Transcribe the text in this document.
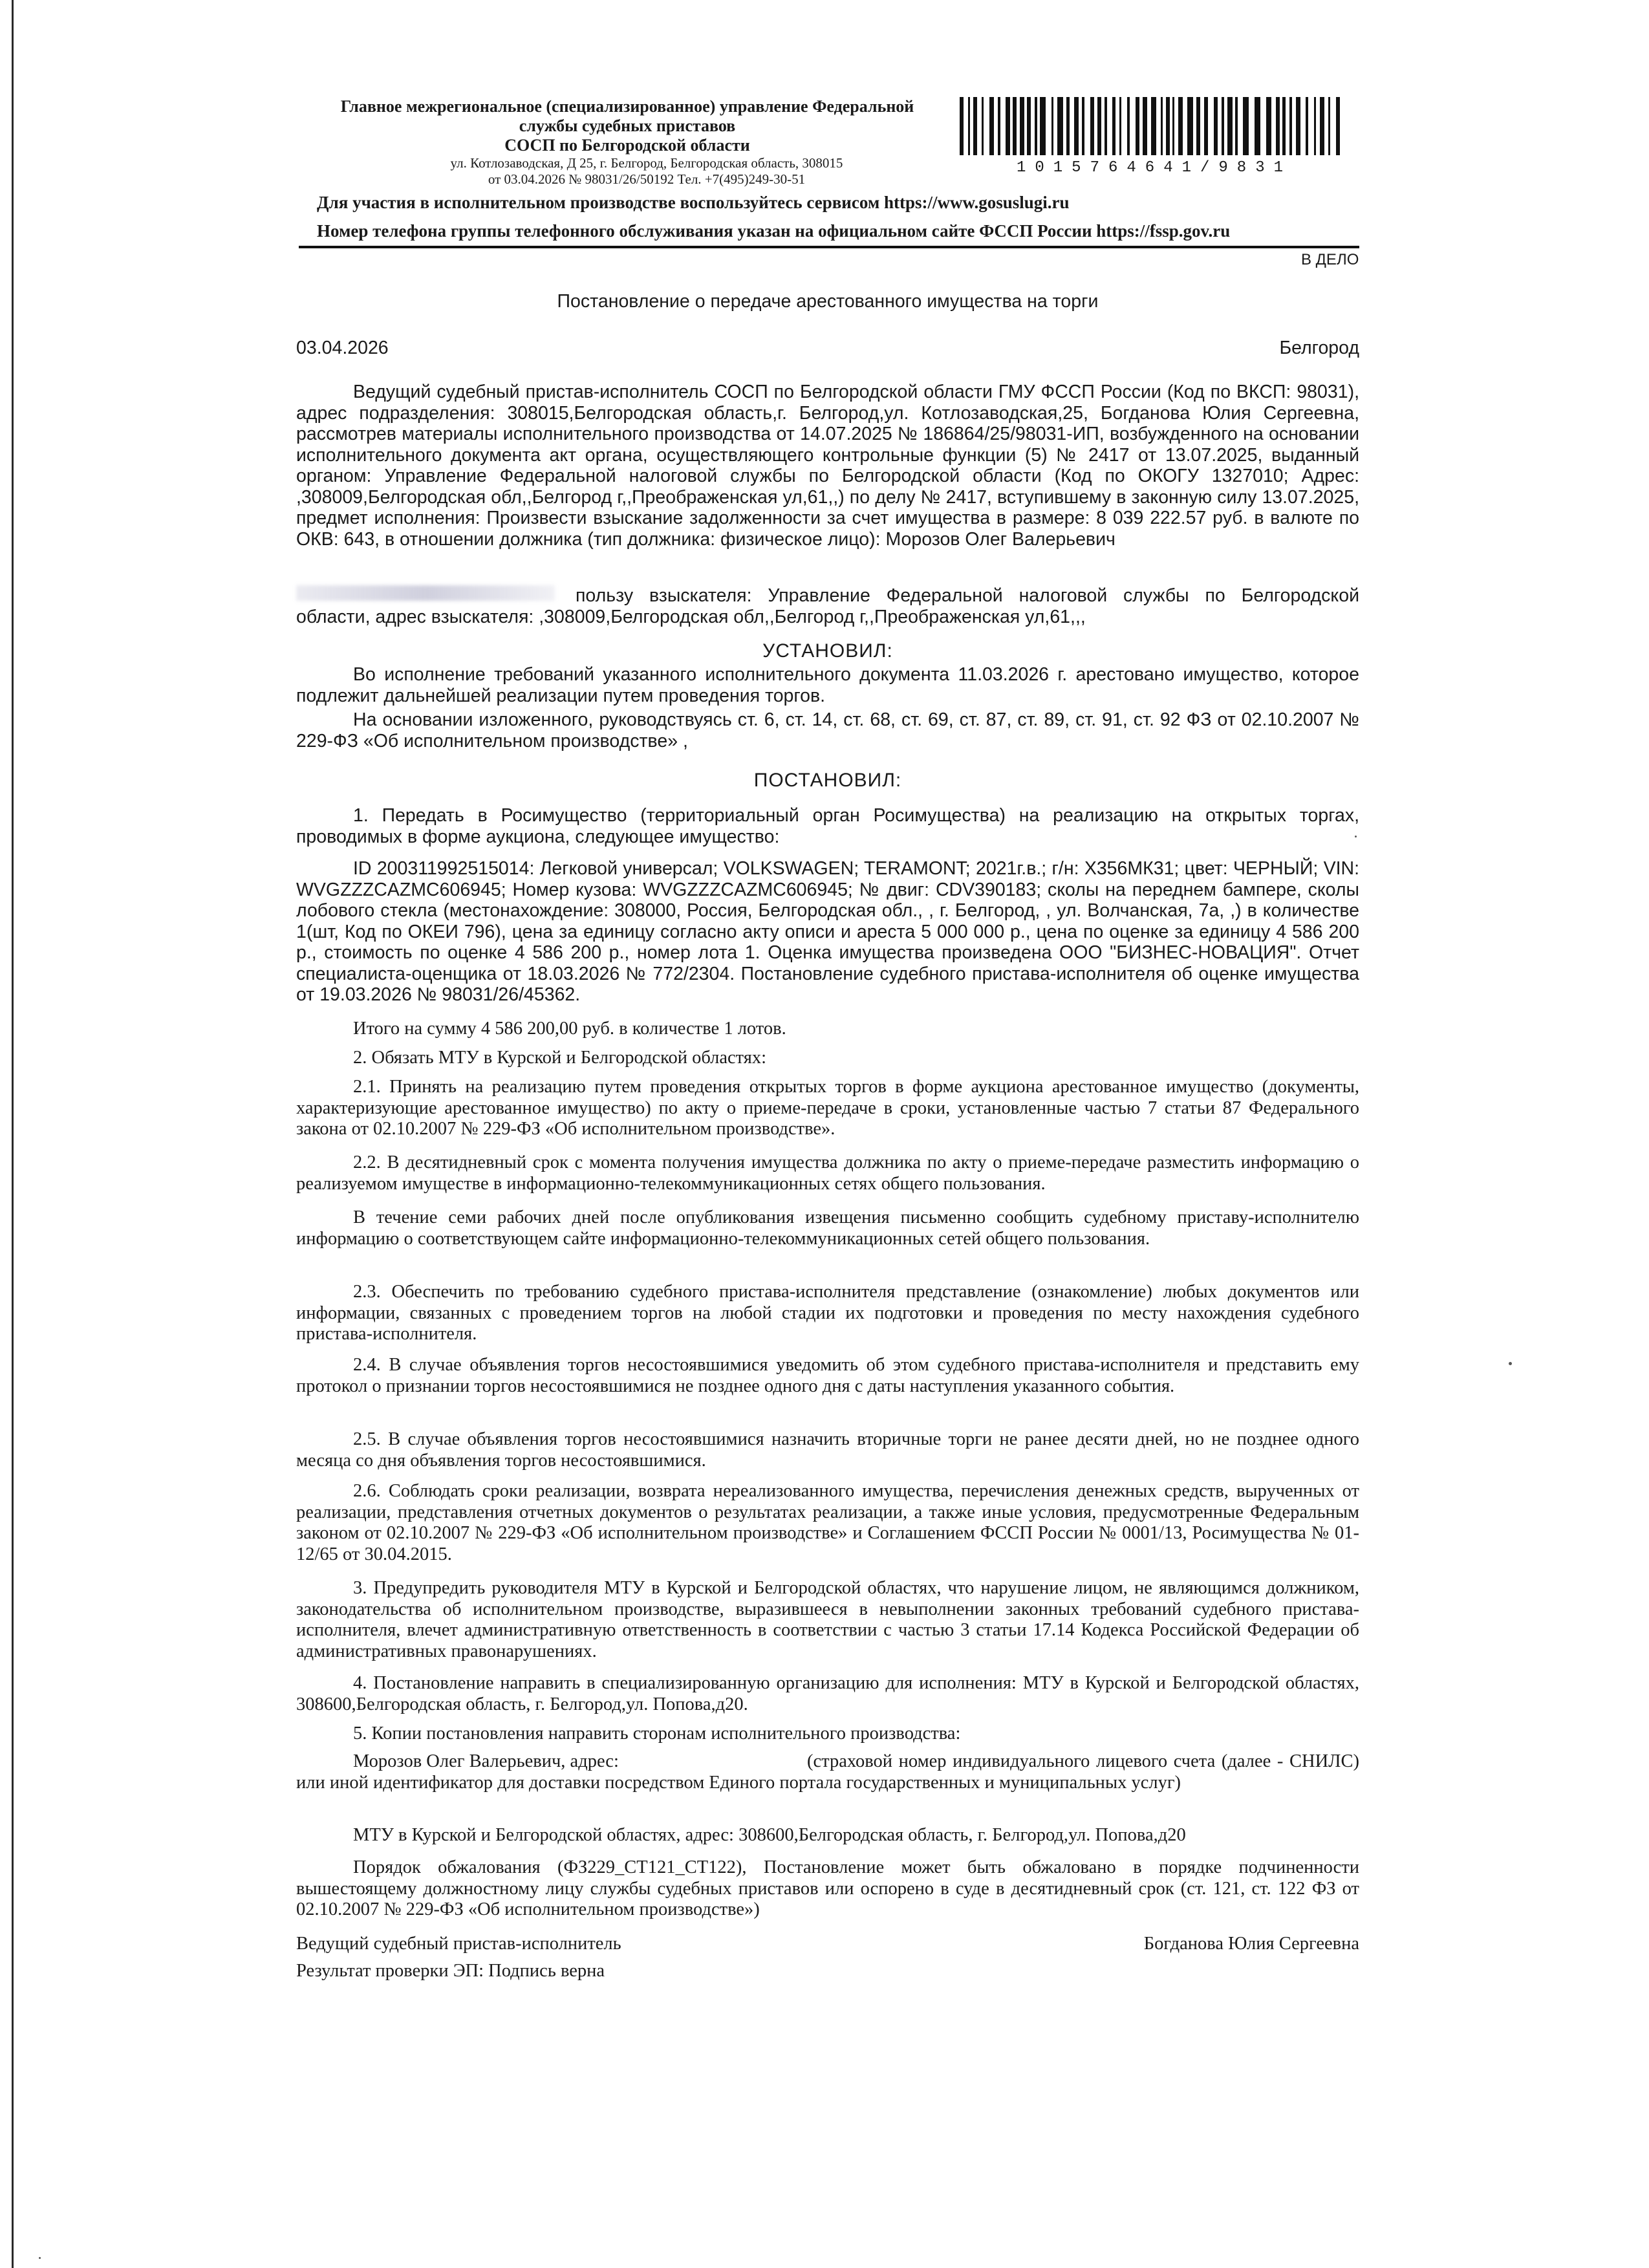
Главное межрегиональное (специализированное) управление Федеральной
службы судебных приставов
СОСП по Белгородской области
ул. Котлозаводская, Д 25, г. Белгород, Белгородская область, 308015
от 03.04.2026 № 98031/26/50192 Тел. +7(495)249-30-51
1015764641/9831
Для участия в исполнительном производстве воспользуйтесь сервисом https://www.gosuslugi.ru
Номер телефона группы телефонного обслуживания указан на официальном сайте ФССП России https://fssp.gov.ru
В ДЕЛО
Постановление о передаче арестованного имущества на торги
03.04.2026	Белгород
Ведущий судебный пристав-исполнитель СОСП по Белгородской области ГМУ ФССП России (Код по ВКСП: 98031), адрес подразделения: 308015,Белгородская область,г. Белгород,ул. Котлозаводская,25, Богданова Юлия Сергеевна, рассмотрев материалы исполнительного производства от 14.07.2025 № 186864/25/98031-ИП, возбужденного на основании исполнительного документа акт органа, осуществляющего контрольные функции (5) № 2417 от 13.07.2025, выданный органом: Управление Федеральной налоговой службы по Белгородской области (Код по ОКОГУ 1327010; Адрес: ,308009,Белгородская обл,,Белгород г,,Преображенская ул,61,,) по делу № 2417, вступившему в законную силу 13.07.2025, предмет исполнения: Произвести взыскание задолженности за счет имущества в размере: 8 039 222.57 руб. в валюте по ОКВ: 643, в отношении должника (тип должника: физическое лицо): Морозов Олег Валерьевич
пользу взыскателя: Управление Федеральной налоговой службы по Белгородской области, адрес взыскателя: ,308009,Белгородская обл,,Белгород г,,Преображенская ул,61,,,
УСТАНОВИЛ:
Во исполнение требований указанного исполнительного документа 11.03.2026 г. арестовано имущество, которое подлежит дальнейшей реализации путем проведения торгов.
На основании изложенного, руководствуясь ст. 6, ст. 14, ст. 68, ст. 69, ст. 87, ст. 89, ст. 91, ст. 92 ФЗ от 02.10.2007 № 229-ФЗ «Об исполнительном производстве» ,
ПОСТАНОВИЛ:
1. Передать в Росимущество (территориальный орган Росимущества) на реализацию на открытых торгах, проводимых в форме аукциона, следующее имущество:
ID 200311992515014: Легковой универсал; VOLKSWAGEN; TERAMONT; 2021г.в.; г/н: Х356МК31; цвет: ЧЕРНЫЙ; VIN: WVGZZZCAZMC606945; Номер кузова: WVGZZZCAZMC606945; № двиг: CDV390183; сколы на переднем бампере, сколы лобового стекла (местонахождение: 308000, Россия, Белгородская обл., , г. Белгород, , ул. Волчанская, 7а, ,) в количестве 1(шт, Код по ОКЕИ 796), цена за единицу согласно акту описи и ареста 5 000 000 р., цена по оценке за единицу 4 586 200 р., стоимость по оценке 4 586 200 р., номер лота 1. Оценка имущества произведена ООО "БИЗНЕС-НОВАЦИЯ". Отчет специалиста-оценщика от 18.03.2026 № 772/2304. Постановление судебного пристава-исполнителя об оценке имущества от 19.03.2026 № 98031/26/45362.
Итого на сумму 4 586 200,00 руб. в количестве 1 лотов.
2. Обязать МТУ в Курской и Белгородской областях:
2.1. Принять на реализацию путем проведения открытых торгов в форме аукциона арестованное имущество (документы, характеризующие арестованное имущество) по акту о приеме-передаче в сроки, установленные частью 7 статьи 87 Федерального закона от 02.10.2007 № 229-ФЗ «Об исполнительном производстве».
2.2. В десятидневный срок с момента получения имущества должника по акту о приеме-передаче разместить информацию о реализуемом имуществе в информационно-телекоммуникационных сетях общего пользования.
В течение семи рабочих дней после опубликования извещения письменно сообщить судебному приставу-исполнителю информацию о соответствующем сайте информационно-телекоммуникационных сетей общего пользования.
2.3. Обеспечить по требованию судебного пристава-исполнителя представление (ознакомление) любых документов или информации, связанных с проведением торгов на любой стадии их подготовки и проведения по месту нахождения судебного пристава-исполнителя.
2.4. В случае объявления торгов несостоявшимися уведомить об этом судебного пристава-исполнителя и представить ему протокол о признании торгов несостоявшимися не позднее одного дня с даты наступления указанного события.
2.5. В случае объявления торгов несостоявшимися назначить вторичные торги не ранее десяти дней, но не позднее одного месяца со дня объявления торгов несостоявшимися.
2.6. Соблюдать сроки реализации, возврата нереализованного имущества, перечисления денежных средств, вырученных от реализации, представления отчетных документов о результатах реализации, а также иные условия, предусмотренные Федеральным законом от 02.10.2007 № 229-ФЗ «Об исполнительном производстве» и Соглашением ФССП России № 0001/13, Росимущества № 01-12/65 от 30.04.2015.
3. Предупредить руководителя МТУ в Курской и Белгородской областях, что нарушение лицом, не являющимся должником, законодательства об исполнительном производстве, выразившееся в невыполнении законных требований судебного пристава-исполнителя, влечет административную ответственность в соответствии с частью 3 статьи 17.14 Кодекса Российской Федерации об административных правонарушениях.
4. Постановление направить в специализированную организацию для исполнения: МТУ в Курской и Белгородской областях, 308600,Белгородская область, г. Белгород,ул. Попова,д20.
5. Копии постановления направить сторонам исполнительного производства:
Морозов Олег Валерьевич, адрес:	(страховой номер индивидуального лицевого счета (далее - СНИЛС) или иной идентификатор для доставки посредством Единого портала государственных и муниципальных услуг)
МТУ в Курской и Белгородской областях, адрес: 308600,Белгородская область, г. Белгород,ул. Попова,д20
Порядок обжалования (ФЗ229_СТ121_СТ122), Постановление может быть обжаловано в порядке подчиненности вышестоящему должностному лицу службы судебных приставов или оспорено в суде в десятидневный срок (ст. 121, ст. 122 ФЗ от 02.10.2007 № 229-ФЗ «Об исполнительном производстве»)
Ведущий судебный пристав-исполнитель	Богданова Юлия Сергеевна
Результат проверки ЭП: Подпись верна
